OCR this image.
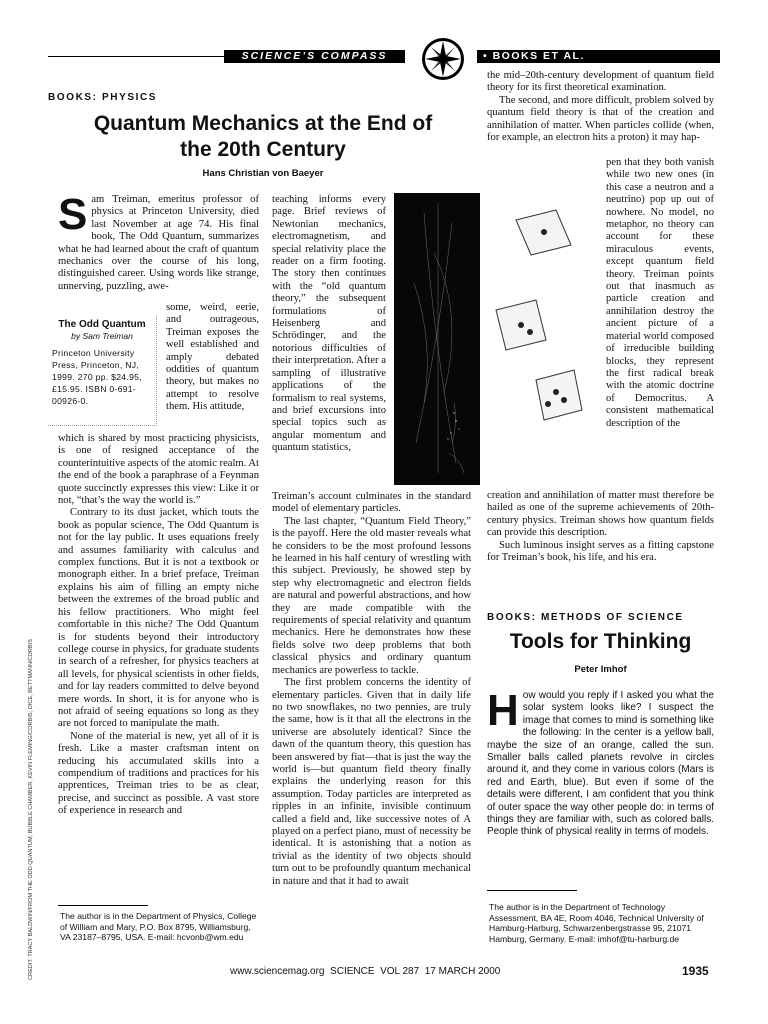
SCIENCE’S COMPASS	• BOOKS ET AL.
BOOKS: PHYSICS
Quantum Mechanics at the End of
the 20th Century
Hans Christian von Baeyer
S am Treiman, emeritus professor of physics at Princeton University, died last November at age 74. His final book, The Odd Quantum, summarizes what he had learned about the craft of quantum mechanics over the course of his long, distinguished career. Using words like strange, unnerving, puzzling, awe-

some, weird, eerie, and outrageous, Treiman exposes the well established and amply debated oddities of quantum theory, but makes no attempt to resolve them. His attitude,

The Odd Quantum
by Sam Treiman
Princeton University Press, Princeton, NJ, 1999. 270 pp. $24.95, £15.95. ISBN 0-691-00926-0.

which is shared by most practicing physicists, is one of resigned acceptance of the counterintuitive aspects of the atomic realm. At the end of the book a paraphrase of a Feynman quote succinctly expresses this view: Like it or not, “that’s the way the world is.”

Contrary to its dust jacket, which touts the book as popular science, The Odd Quantum is not for the lay public. It uses equations freely and assumes familiarity with calculus and complex functions. But it is not a textbook or monograph either. In a brief preface, Treiman explains his aim of filling an empty niche between the extremes of the broad public and his fellow practitioners. Who might feel comfortable in this niche? The Odd Quantum is for students beyond their introductory college course in physics, for graduate students in search of a refresher, for physics teachers at all levels, for physical scientists in other fields, and for lay readers committed to delve beyond mere words. In short, it is for anyone who is not afraid of seeing equations so long as they are not forced to manipulate the math.

None of the material is new, yet all of it is fresh. Like a master craftsman intent on reducing his accumulated skills into a compendium of traditions and practices for his apprentices, Treiman tries to be as clear, precise, and succinct as possible. A vast store of experience in research and

The author is in the Department of Physics, College of William and Mary, P.O. Box 8795, Williamsburg, VA 23187–8795, USA. E-mail: hcvonb@wm.edu

teaching informs every page. Brief reviews of Newtonian mechanics, electromagnetism, and special relativity place the reader on a firm footing. The story then continues with the “old quantum theory,” the subsequent formulations of Heisenberg and Schrödinger, and the notorious difficulties of their interpretation. After a sampling of illustrative applications of the formalism to real systems, and brief excursions into special topics such as angular momentum and quantum statistics,

Treiman’s account culminates in the standard model of elementary particles.

The last chapter, “Quantum Field Theory,” is the payoff. Here the old master reveals what he considers to be the most profound lessons he learned in his half century of wrestling with this subject. Previously, he showed step by step why electromagnetic and electron fields are natural and powerful abstractions, and how they are made compatible with the requirements of special relativity and quantum mechanics. Here he demonstrates how these fields solve two deep problems that both classical physics and ordinary quantum mechanics are powerless to tackle.

The first problem concerns the identity of elementary particles. Given that in daily life no two snowflakes, no two pennies, are truly the same, how is it that all the electrons in the universe are absolutely identical? Since the dawn of the quantum theory, this question has been answered by fiat—that is just the way the world is—but quantum field theory finally explains the underlying reason for this assumption. Today particles are interpreted as ripples in an infinite, invisible continuum called a field and, like successive notes of A played on a perfect piano, must of necessity be identical. It is astonishing that a notion as trivial as the identity of two objects should turn out to be profoundly quantum mechanical in nature and that it had to await

the mid–20th-century development of quantum field theory for its first theoretical examination.

The second, and more difficult, problem solved by quantum field theory is that of the creation and annihilation of matter. When particles collide (when, for example, an electron hits a proton) it may hap-

pen that they both vanish while two new ones (in this case a neutron and a neutrino) pop up out of nowhere. No model, no metaphor, no theory can account for these miraculous events, except quantum field theory. Treiman points out that inasmuch as particle creation and annihilation destroy the ancient picture of a material world composed of irreducible building blocks, they represent the first radical break with the atomic doctrine of Democritus. A consistent mathematical description of the

creation and annihilation of matter must therefore be hailed as one of the supreme achievements of 20th-century physics. Treiman shows how quantum fields can provide this description.

Such luminous insight serves as a fitting capstone for Treiman’s book, his life, and his era.

BOOKS: METHODS OF SCIENCE
Tools for Thinking
Peter Imhof
H ow would you reply if I asked you what the solar system looks like? I suspect the image that comes to mind is something like the following: In the center is a yellow ball, maybe the size of an orange, called the sun. Smaller balls called planets revolve in circles around it, and they come in various colors (Mars is red and Earth, blue). But even if some of the details were different, I am confident that you think of outer space the way other people do: in terms of things they are familiar with, such as colored balls. People think of physical reality in terms of models.

The author is in the Department of Technology Assessment, BA 4E, Room 4046, Technical University of Hamburg-Harburg, Schwarzenbergstrasse 95, 21071 Hamburg, Germany. E-mail: imhof@tu-harburg.de
CREDIT: TRACY BALDWIN/FROM THE ODD QUANTUM; BUBBLE CHAMBER, KEVIN FLEMING/CORBIS; DICE, BETTMANN/CORBIS	www.sciencemag.org SCIENCE VOL 287 17 MARCH 2000	1935
